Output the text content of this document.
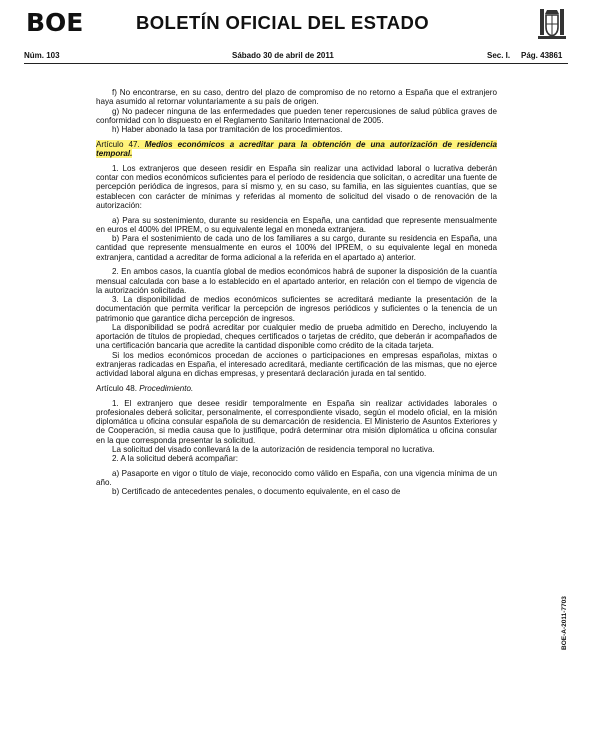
BOE	BOLETÍN OFICIAL DEL ESTADO
Núm. 103	Sábado 30 de abril de 2011	Sec. I. Pág. 43861

f) No encontrarse, en su caso, dentro del plazo de compromiso de no retorno a España que el extranjero haya asumido al retornar voluntariamente a su país de origen.

g) No padecer ninguna de las enfermedades que pueden tener repercusiones de salud pública graves de conformidad con lo dispuesto en el Reglamento Sanitario Internacional de 2005.

h) Haber abonado la tasa por tramitación de los procedimientos.

Artículo 47. Medios económicos a acreditar para la obtención de una autorización de residencia temporal.

1. Los extranjeros que deseen residir en España sin realizar una actividad laboral o lucrativa deberán contar con medios económicos suficientes para el período de residencia que solicitan, o acreditar una fuente de percepción periódica de ingresos, para sí mismo y, en su caso, su familia, en las siguientes cuantías, que se establecen con carácter de mínimas y referidas al momento de solicitud del visado o de renovación de la autorización:

a) Para su sostenimiento, durante su residencia en España, una cantidad que represente mensualmente en euros el 400% del IPREM, o su equivalente legal en moneda extranjera.

b) Para el sostenimiento de cada uno de los familiares a su cargo, durante su residencia en España, una cantidad que represente mensualmente en euros el 100% del IPREM, o su equivalente legal en moneda extranjera, cantidad a acreditar de forma adicional a la referida en el apartado a) anterior.

2. En ambos casos, la cuantía global de medios económicos habrá de suponer la disposición de la cuantía mensual calculada con base a lo establecido en el apartado anterior, en relación con el tiempo de vigencia de la autorización solicitada.

3. La disponibilidad de medios económicos suficientes se acreditará mediante la presentación de la documentación que permita verificar la percepción de ingresos periódicos y suficientes o la tenencia de un patrimonio que garantice dicha percepción de ingresos.

La disponibilidad se podrá acreditar por cualquier medio de prueba admitido en Derecho, incluyendo la aportación de títulos de propiedad, cheques certificados o tarjetas de crédito, que deberán ir acompañados de una certificación bancaria que acredite la cantidad disponible como crédito de la citada tarjeta.

Si los medios económicos procedan de acciones o participaciones en empresas españolas, mixtas o extranjeras radicadas en España, el interesado acreditará, mediante certificación de las mismas, que no ejerce actividad laboral alguna en dichas empresas, y presentará declaración jurada en tal sentido.

Artículo 48. Procedimiento.

1. El extranjero que desee residir temporalmente en España sin realizar actividades laborales o profesionales deberá solicitar, personalmente, el correspondiente visado, según el modelo oficial, en la misión diplomática u oficina consular española de su demarcación de residencia. El Ministerio de Asuntos Exteriores y de Cooperación, si media causa que lo justifique, podrá determinar otra misión diplomática u oficina consular en la que corresponda presentar la solicitud.

La solicitud del visado conllevará la de la autorización de residencia temporal no lucrativa.

2. A la solicitud deberá acompañar:

a) Pasaporte en vigor o título de viaje, reconocido como válido en España, con una vigencia mínima de un año.

b) Certificado de antecedentes penales, o documento equivalente, en el caso de

BOE-A-2011-7703
